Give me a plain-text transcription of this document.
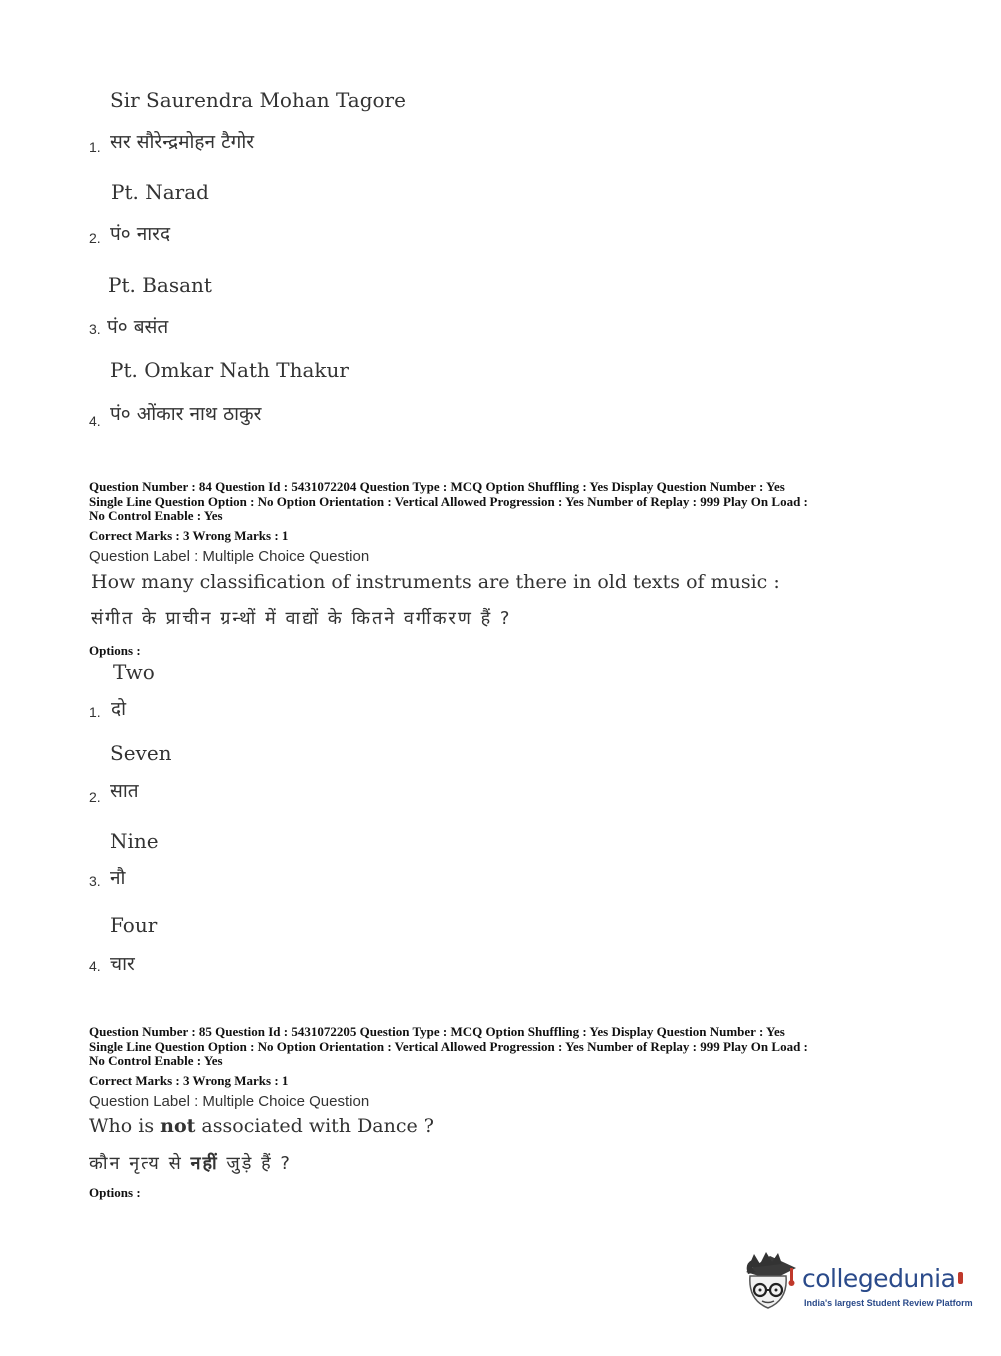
Sir Saurendra Mohan Tagore
1. सर सौरेन्द्रमोहन टैगोर
Pt. Narad
2. पं० नारद
Pt. Basant
3. पं० बसंत
Pt. Omkar Nath Thakur
4. पं० ओंकार नाथ ठाकुर
Question Number : 84 Question Id : 5431072204 Question Type : MCQ Option Shuffling : Yes Display Question Number : Yes
Single Line Question Option : No Option Orientation : Vertical Allowed Progression : Yes Number of Replay : 999 Play On Load :
No Control Enable : Yes
Correct Marks : 3 Wrong Marks : 1
Question Label : Multiple Choice Question
How many classification of instruments are there in old texts of music :
संगीत के प्राचीन ग्रन्थों में वाद्यों के कितने वर्गीकरण हैं ?
Options :
Two
1. दो
Seven
2. सात
Nine
3. नौ
Four
4. चार
Question Number : 85 Question Id : 5431072205 Question Type : MCQ Option Shuffling : Yes Display Question Number : Yes
Single Line Question Option : No Option Orientation : Vertical Allowed Progression : Yes Number of Replay : 999 Play On Load :
No Control Enable : Yes
Correct Marks : 3 Wrong Marks : 1
Question Label : Multiple Choice Question
Who is not associated with Dance ?
कौन नृत्य से नहीं जुड़े हैं ?
Options :
collegedunia
India's largest Student Review Platform
